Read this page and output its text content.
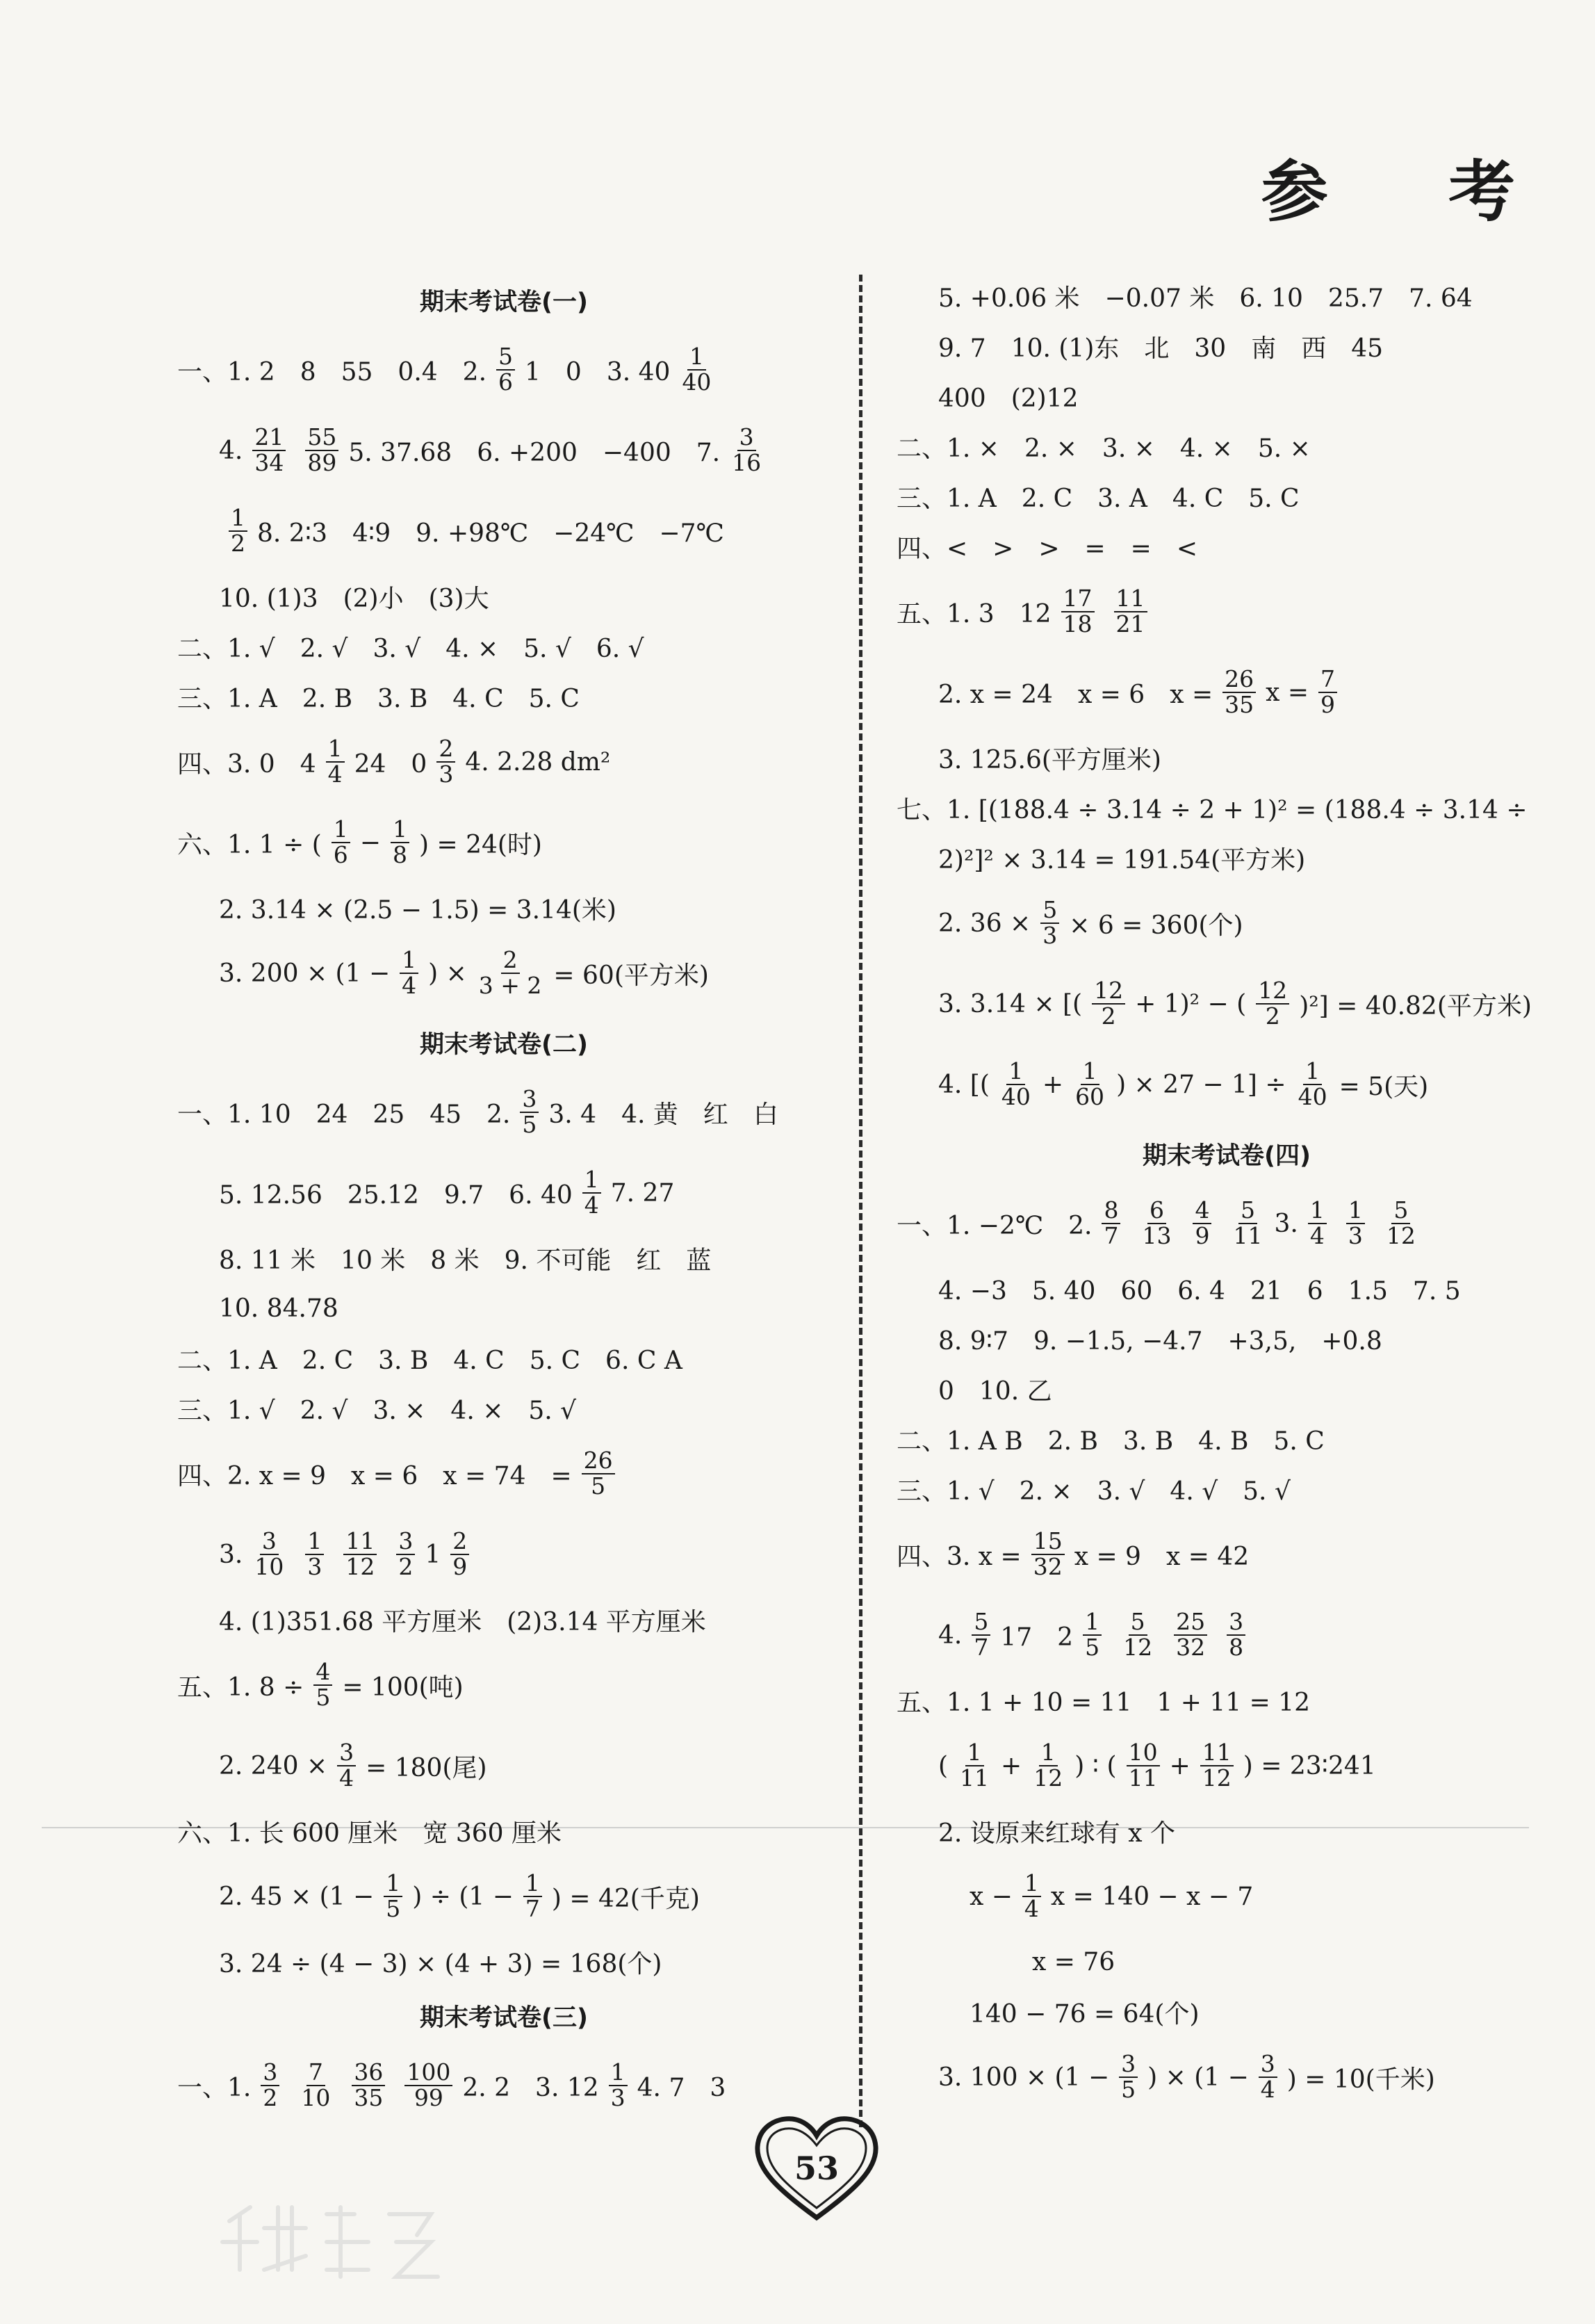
参 考
期末考试卷(一)
一、1. 2　8　55　0.4　2. $\frac{5}{6} 1$　0　3. $40 \frac{1}{40}$
4. $\frac{21}{34} \frac{55}{89} 5$. 37.68　6. +200　−400　7. $\frac{3}{16}$
$\frac{1}{2} 8$. 2∶3　4∶9　9. +98℃　−24℃　−7℃
10. (1)3　(2)小　(3)大
二、1. √　2. √　3. √　4. ×　5. √　6. √
三、1. A　2. B　3. B　4. C　5. C
四、3. 0　$4 \frac{1}{4} 24$　$0 \frac{2}{3} 4$. 2.28 dm²
六、1. 1 ÷ ( $\frac{1}{6} - \frac{1}{8}$ ) = 24(时)
2. 3.14 × (2.5 − 1.5) = 3.14(米)
3. $200 \times (1 - \frac{1}{4}$ ) × $\frac{2}{3 + 2} = 60$(平方米)
期末考试卷(二)
一、1. 10　24　25　45　2. $\frac{3}{5} 3$. 4　4. 黄　红　白
5. 12.56　25.12　9.7　6. $40 \frac{1}{4} 7$. 27
8. 11 米　10 米　8 米　9. 不可能　红　蓝
10. 84.78
二、1. A　2. C　3. B　4. C　5. C　6. C A
三、1. √　2. √　3. ×　4. ×　5. √
四、2. x = 9　x = 6　x = 74　= $\frac{26}{5}$
3. $\frac{3}{10} \frac{1}{3} \frac{11}{12} \frac{3}{2} 1 \frac{2}{9}$
4. (1)351.68 平方厘米　(2)3.14 平方厘米
五、1. $8 \div \frac{4}{5} = 100$(吨)
2. $240 \times \frac{3}{4} = 180$(尾)
六、1. 长 600 厘米　宽 360 厘米
2. $45 \times (1 - \frac{1}{5}$ ) ÷ ($1 - \frac{1}{7}$ ) = 42(千克)
3. 24 ÷ (4 − 3) × (4 + 3) = 168(个)
期末考试卷(三)
一、1. $\frac{3}{2} \frac{7}{10} \frac{36}{35} \frac{100}{99} 2$. 2　3. $12 \frac{1}{3} 4$. 7　3
5. +0.06 米　−0.07 米　6. 10　25.7　7. 64
9. 7　10. (1)东　北　30　南　西　45
400　(2)12
二、1. ×　2. ×　3. ×　4. ×　5. ×
三、1. A　2. C　3. A　4. C　5. C
四、<　>　>　=　=　<
五、1. 3　$12 \frac{17}{18} \frac{11}{21}$
2. x = 24　x = 6　$x = \frac{26}{35}$ $x = \frac{7}{9}$
3. 125.6(平方厘米)
七、1. [(188.4 ÷ 3.14 ÷ 2 + 1)² = (188.4 ÷ 3.14 ÷
2)²]² × 3.14 = 191.54(平方米)
2. $36 \times \frac{5}{3} \times 6 = 360$(个)
3. 3.14 × [( $\frac{12}{2} + 1)^2$ − ( $\frac{12}{2} )^2] = 40.82$(平方米)
4. [( $\frac{1}{40} + \frac{1}{60}$ ) × $27 - 1] \div \frac{1}{40} = 5$(天)
期末考试卷(四)
一、1. −2℃　2. $\frac{8}{7} \frac{6}{13} \frac{4}{9} \frac{5}{11} 3$. $\frac{1}{4} \frac{1}{3} \frac{5}{12}$
4. −3　5. 40　60　6. 4　21　6　1.5　7. 5
8. 9∶7　9. −1.5, −4.7　+3,5,　+0.8
0　10. 乙
二、1. A B　2. B　3. B　4. B　5. C
三、1. √　2. ×　3. √　4. √　5. √
四、3. $x = \frac{15}{32}$ x = 9　x = 42
4. $\frac{5}{7} 17$　$2 \frac{1}{5} \frac{5}{12} \frac{25}{32} \frac{3}{8}$
五、1. 1 + 10 = 11　1 + 11 = 12
( $\frac{1}{11} + \frac{1}{12}$ ) ∶ ( $\frac{10}{11} + \frac{11}{12}$ ) = 23∶241
2. 设原来红球有 x 个
$x - \frac{1}{4}$ x = 140 − x − 7
x = 76
140 − 76 = 64(个)
3. $100 \times (1 - \frac{3}{5}$ ) × ($1 - \frac{3}{4}$ ) = 10(千米)
53
